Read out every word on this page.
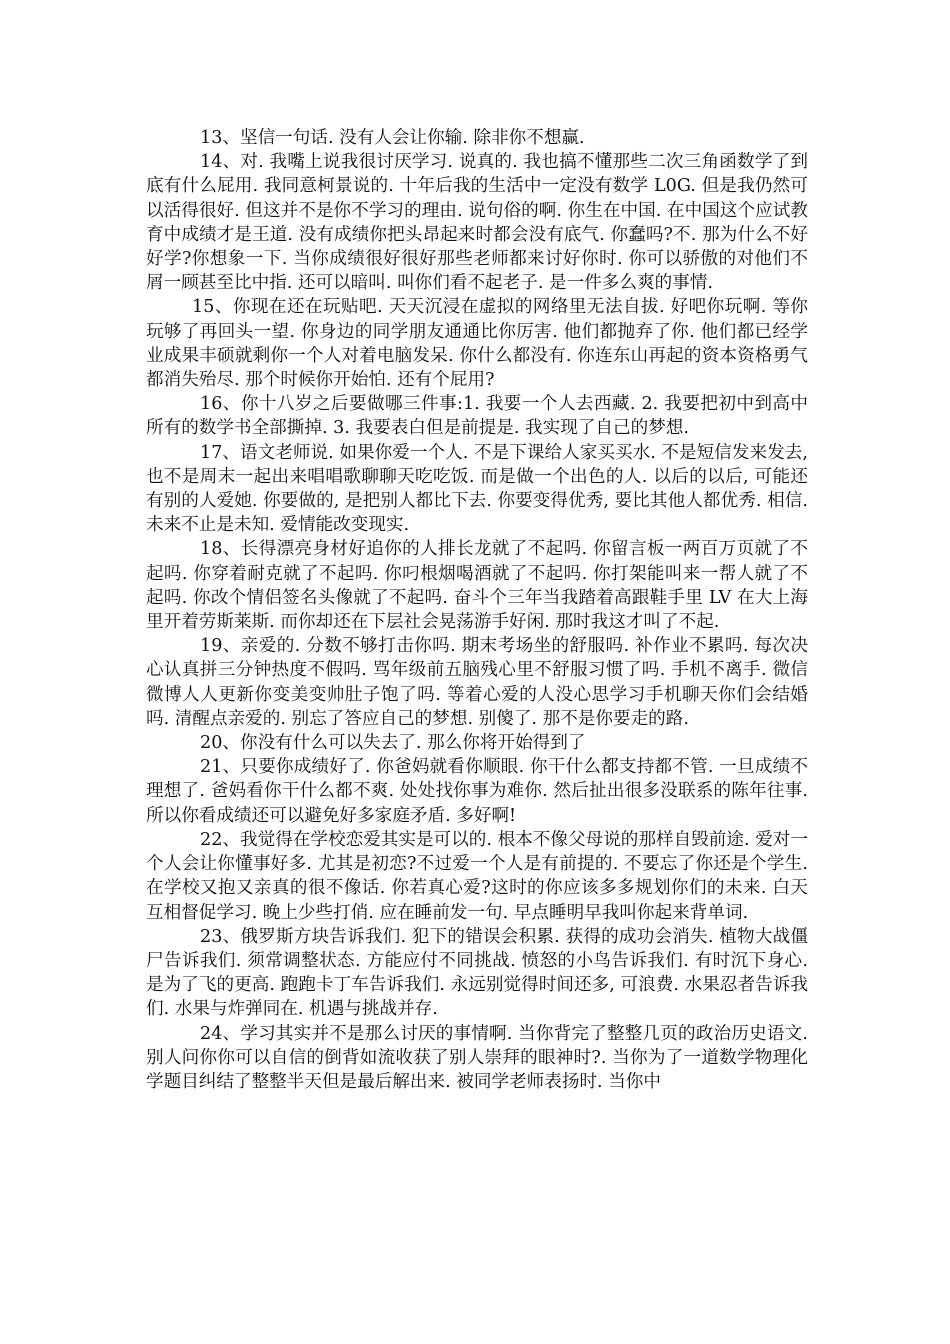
13、坚信一句话. 没有人会让你输. 除非你不想赢.

14、对. 我嘴上说我很讨厌学习. 说真的. 我也搞不懂那些二次三角函数学了到底有什么屁用. 我同意柯景说的. 十年后我的生活中一定没有数学 L0G. 但是我仍然可以活得很好. 但这并不是你不学习的理由. 说句俗的啊. 你生在中国. 在中国这个应试教育中成绩才是王道. 没有成绩你把头昂起来时都会没有底气. 你蠢吗?不. 那为什么不好好学?你想象一下. 当你成绩很好很好那些老师都来讨好你时. 你可以骄傲的对他们不屑一顾甚至比中指. 还可以暗叫. 叫你们看不起老子. 是一件多么爽的事情.

15、你现在还在玩贴吧. 天天沉浸在虚拟的网络里无法自拔. 好吧你玩啊. 等你玩够了再回头一望. 你身边的同学朋友通通比你厉害. 他们都抛弃了你. 他们都已经学业成果丰硕就剩你一个人对着电脑发呆. 你什么都没有. 你连东山再起的资本资格勇气都消失殆尽. 那个时候你开始怕. 还有个屁用?

16、你十八岁之后要做哪三件事:1. 我要一个人去西藏. 2. 我要把初中到高中所有的数学书全部撕掉. 3. 我要表白但是前提是. 我实现了自己的梦想.

17、语文老师说. 如果你爱一个人. 不是下课给人家买买水. 不是短信发来发去, 也不是周末一起出来唱唱歌聊聊天吃吃饭. 而是做一个出色的人. 以后的以后, 可能还有别的人爱她. 你要做的, 是把别人都比下去. 你要变得优秀, 要比其他人都优秀. 相信. 未来不止是未知. 爱情能改变现实.

18、长得漂亮身材好追你的人排长龙就了不起吗. 你留言板一两百万页就了不起吗. 你穿着耐克就了不起吗. 你叼根烟喝酒就了不起吗. 你打架能叫来一帮人就了不起吗. 你改个情侣签名头像就了不起吗. 奋斗个三年当我踏着高跟鞋手里 LV 在大上海里开着劳斯莱斯. 而你却还在下层社会晃荡游手好闲. 那时我这才叫了不起.

19、亲爱的. 分数不够打击你吗. 期末考场坐的舒服吗. 补作业不累吗. 每次决心认真拼三分钟热度不假吗. 骂年级前五脑残心里不舒服习惯了吗. 手机不离手. 微信微博人人更新你变美变帅肚子饱了吗. 等着心爱的人没心思学习手机聊天你们会结婚吗. 清醒点亲爱的. 别忘了答应自己的梦想. 别傻了. 那不是你要走的路.

20、你没有什么可以失去了. 那么你将开始得到了

21、只要你成绩好了. 你爸妈就看你顺眼. 你干什么都支持都不管. 一旦成绩不理想了. 爸妈看你干什么都不爽. 处处找你事为难你. 然后扯出很多没联系的陈年往事. 所以你看成绩还可以避免好多家庭矛盾. 多好啊!

22、我觉得在学校恋爱其实是可以的. 根本不像父母说的那样自毁前途. 爱对一个人会让你懂事好多. 尤其是初恋?不过爱一个人是有前提的. 不要忘了你还是个学生. 在学校又抱又亲真的很不像话. 你若真心爱?这时的你应该多多规划你们的未来. 白天互相督促学习. 晚上少些打俏. 应在睡前发一句. 早点睡明早我叫你起来背单词.

23、俄罗斯方块告诉我们. 犯下的错误会积累. 获得的成功会消失. 植物大战僵尸告诉我们. 须常调整状态. 方能应付不同挑战. 愤怒的小鸟告诉我们. 有时沉下身心. 是为了飞的更高. 跑跑卡丁车告诉我们. 永远别觉得时间还多, 可浪费. 水果忍者告诉我们. 水果与炸弹同在. 机遇与挑战并存.

24、学习其实并不是那么讨厌的事情啊. 当你背完了整整几页的政治历史语文. 别人问你你可以自信的倒背如流收获了别人崇拜的眼神时?. 当你为了一道数学物理化学题目纠结了整整半天但是最后解出来. 被同学老师表扬时. 当你中
